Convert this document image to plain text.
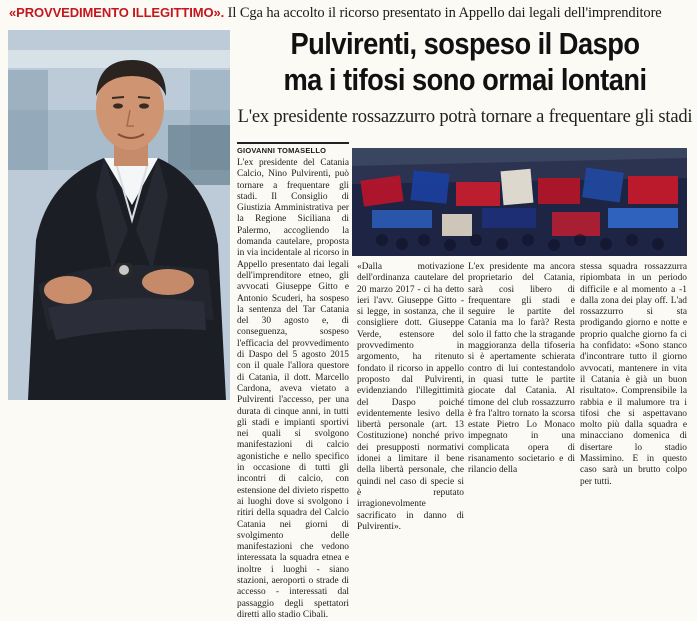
«PROVVEDIMENTO ILLEGITTIMO». Il Cga ha accolto il ricorso presentato in Appello dai legali dell'imprenditore
Pulvirenti, sospeso il Daspo
ma i tifosi sono ormai lontani
L'ex presidente rossazzurro potrà tornare a frequentare gli stadi
GIOVANNI TOMASELLO

L'ex presidente del Catania Calcio, Nino Pulvirenti, può tornare a frequentare gli stadi. Il Consiglio di Giustizia Amministrativa per la Regione Siciliana di Palermo, accogliendo la domanda cautelare, proposta in via incidentale al ricorso in Appello presentato dai legali dell'imprenditore etneo, gli avvocati Giuseppe Gitto e Antonio Scuderi, ha sospeso la sentenza del Tar Catania del 30 agosto e, di conseguenza, sospeso l'efficacia del provvedimento di Daspo del 5 agosto 2015 con il quale l'allora questore di Catania, il dott. Marcello Cardona, aveva vietato a Pulvirenti l'accesso, per una durata di cinque anni, in tutti gli stadi e impianti sportivi nei quali si svolgono manifestazioni di calcio agonistiche e nello specifico in occasione di tutti gli incontri di calcio, con estensione del divieto rispetto ai luoghi dove si svolgono i ritiri della squadra del Calcio Catania nei giorni di svolgimento delle manifestazioni che vedono interessata la squadra etnea e inoltre i luoghi - siano stazioni, aeroporti o strade di accesso - interessati dal passaggio degli spettatori diretti allo stadio Cibali.

«Dalla motivazione dell'ordinanza cautelare del 20 marzo 2017 - ci ha detto ieri l'avv. Giuseppe Gitto - si legge, in sostanza, che il consigliere dott. Giuseppe Verde, estensore del provvedimento in argomento, ha ritenuto fondato il ricorso in appello proposto dal Pulvirenti, evidenziando l'illegittimità del Daspo poiché evidentemente lesivo della libertà personale (art. 13 Costituzione) nonché privo dei presupposti normativi idonei a limitare il bene della libertà personale, che quindi nel caso di specie si è reputato irragionevolmente sacrificato in danno di Pulvirenti».

L'ex presidente ma ancora proprietario del Catania, sarà così libero di frequentare gli stadi e seguire le partite del Catania ma lo farà? Resta solo il fatto che la stragande maggioranza della tifoseria si è apertamente schierata contro di lui contestandolo in quasi tutte le partite giocate dal Catania. Al timone del club rossazzurro è fra l'altro tornato la scorsa estate Pietro Lo Monaco impegnato in una complicata opera di risanamento societario e di rilancio della

stessa squadra rossazzurra ripiombata in un periodo difficile e al momento a -1 dalla zona dei play off. L'ad rossazzurro si sta prodigando giorno e notte e proprio qualche giorno fa ci ha confidato: «Sono stanco d'incontrare tutto il giorno avvocati, mantenere in vita il Catania è già un buon risultato». Comprensibile la rabbia e il malumore tra i tifosi che si aspettavano molto più dalla squadra e minacciano domenica di disertare lo stadio Massimino. E in questo caso sarà un brutto colpo per tutti.
